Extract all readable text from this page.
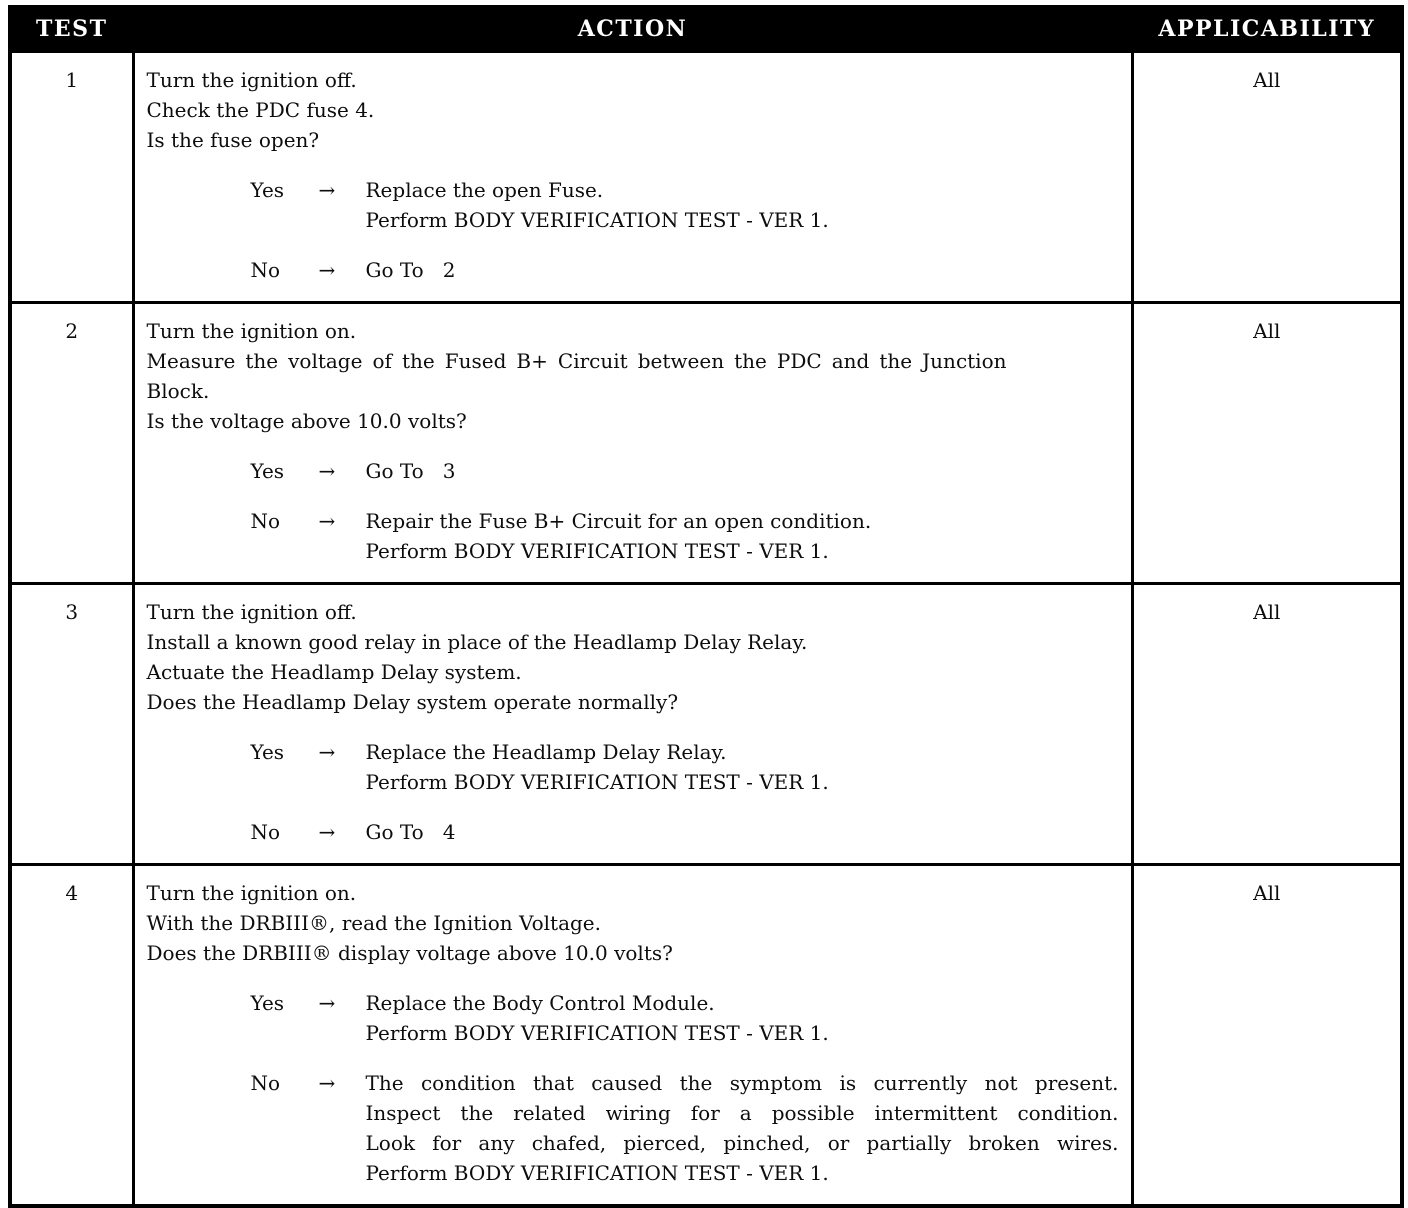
TEST	ACTION	APPLICABILITY
1	Turn the ignition off.
Check the PDC fuse 4.
Is the fuse open?
Yes	→	Replace the open Fuse.
Perform BODY VERIFICATION TEST - VER 1.
No	→	Go To   2
	All
2	Turn the ignition on.
Measure the voltage of the Fused B+ Circuit between the PDC and the Junction Block.
Is the voltage above 10.0 volts?
Yes	→	Go To   3
No	→	Repair the Fuse B+ Circuit for an open condition.
Perform BODY VERIFICATION TEST - VER 1.
	All
3	Turn the ignition off.
Install a known good relay in place of the Headlamp Delay Relay.
Actuate the Headlamp Delay system.
Does the Headlamp Delay system operate normally?
Yes	→	Replace the Headlamp Delay Relay.
Perform BODY VERIFICATION TEST - VER 1.
No	→	Go To   4
	All
4	Turn the ignition on.
With the DRBIII®, read the Ignition Voltage.
Does the DRBIII® display voltage above 10.0 volts?
Yes	→	Replace the Body Control Module.
Perform BODY VERIFICATION TEST - VER 1.
No	→	The condition that caused the symptom is currently not present.
Inspect the related wiring for a possible intermittent condition.
Look for any chafed, pierced, pinched, or partially broken wires.
Perform BODY VERIFICATION TEST - VER 1.
	All
